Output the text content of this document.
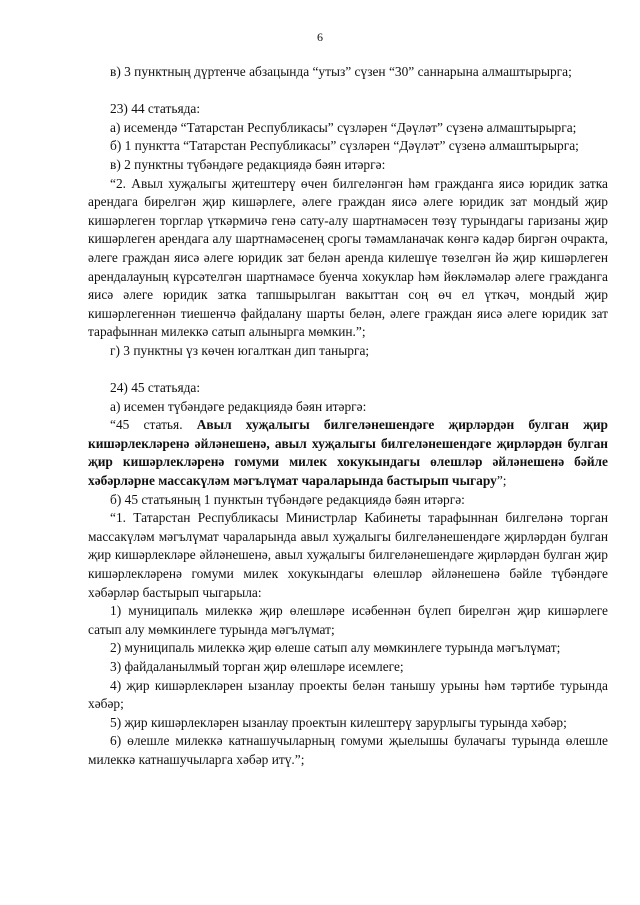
6

в) 3 пунктның дүртенче абзацында “утыз” сүзен “30” саннарына алмаштырырга;

23) 44 статьяда:

а) исемендә “Татарстан Республикасы” сүзләрен “Дәүләт” сүзенә алмаштырырга;

б) 1 пунктта “Татарстан Республикасы” сүзләрен “Дәүләт” сүзенә алмаштырырга;

в) 2 пунктны түбәндәге редакциядә бәян итәргә:

“2. Авыл хуҗалыгы җитештерү өчен билгеләнгән һәм гражданга яисә юридик затка арендага бирелгән җир кишәрлеге, әлеге граждан яисә әлеге юридик зат мондый җир кишәрлеген торглар үткәрмичә генә сату-алу шартнамәсен төзү турындагы гаризаны җир кишәрлеген арендага алу шартнамәсенең срогы тәмамланачак көнгә кадәр биргән очракта, әлеге граждан яисә әлеге юридик зат белән аренда килешүе төзелгән йә җир кишәрлеген арендалауның күрсәтелгән шартнамәсе буенча хокуклар һәм йөкләмәләр әлеге гражданга яисә әлеге юридик затка тапшырылган вакыттан соң өч ел үткәч, мондый җир кишәрлегеннән тиешенчә файдалану шарты белән, әлеге граждан яисә әлеге юридик зат тарафыннан милеккә сатып алынырга мөмкин.”;

г) 3 пунктны үз көчен югалткан дип танырга;

24) 45 статьяда:

а) исемен түбәндәге редакциядә бәян итәргә:

“45 статья. Авыл хуҗалыгы билгеләнешендәге җирләрдән булган җир кишәрлекләренә әйләнешенә, авыл хуҗалыгы билгеләнешендәге җирләрдән булган җир кишәрлекләренә гомуми милек хокукындагы өлешләр әйләнешенә бәйле хәбәрләрне массакүләм мәгълүмат чараларында бастырып чыгару”;

б) 45 статьяның 1 пунктын түбәндәге редакциядә бәян итәргә:

“1. Татарстан Республикасы Министрлар Кабинеты тарафыннан билгеләнә торган массакүләм мәгълүмат чараларында авыл хуҗалыгы билгеләнешендәге җирләрдән булган җир кишәрлекләре әйләнешенә, авыл хуҗалыгы билгеләнешендәге җирләрдән булган җир кишәрлекләренә гомуми милек хокукындагы өлешләр әйләнешенә бәйле түбәндәге хәбәрләр бастырып чыгарыла:

1) муниципаль милеккә җир өлешләре исәбеннән бүлеп бирелгән җир кишәрлеге сатып алу мөмкинлеге турында мәгълүмат;

2) муниципаль милеккә җир өлеше сатып алу мөмкинлеге турында мәгълүмат;

3) файдаланылмый торган җир өлешләре исемлеге;

4) җир кишәрлекләрен ызанлау проекты белән танышу урыны һәм тәртибе турында хәбәр;

5) җир кишәрлекләрен ызанлау проектын килештерү зарурлыгы турында хәбәр;

6) өлешле милеккә катнашучыларның гомуми җыелышы булачагы турында өлешле милеккә катнашучыларга хәбәр итү.”;
